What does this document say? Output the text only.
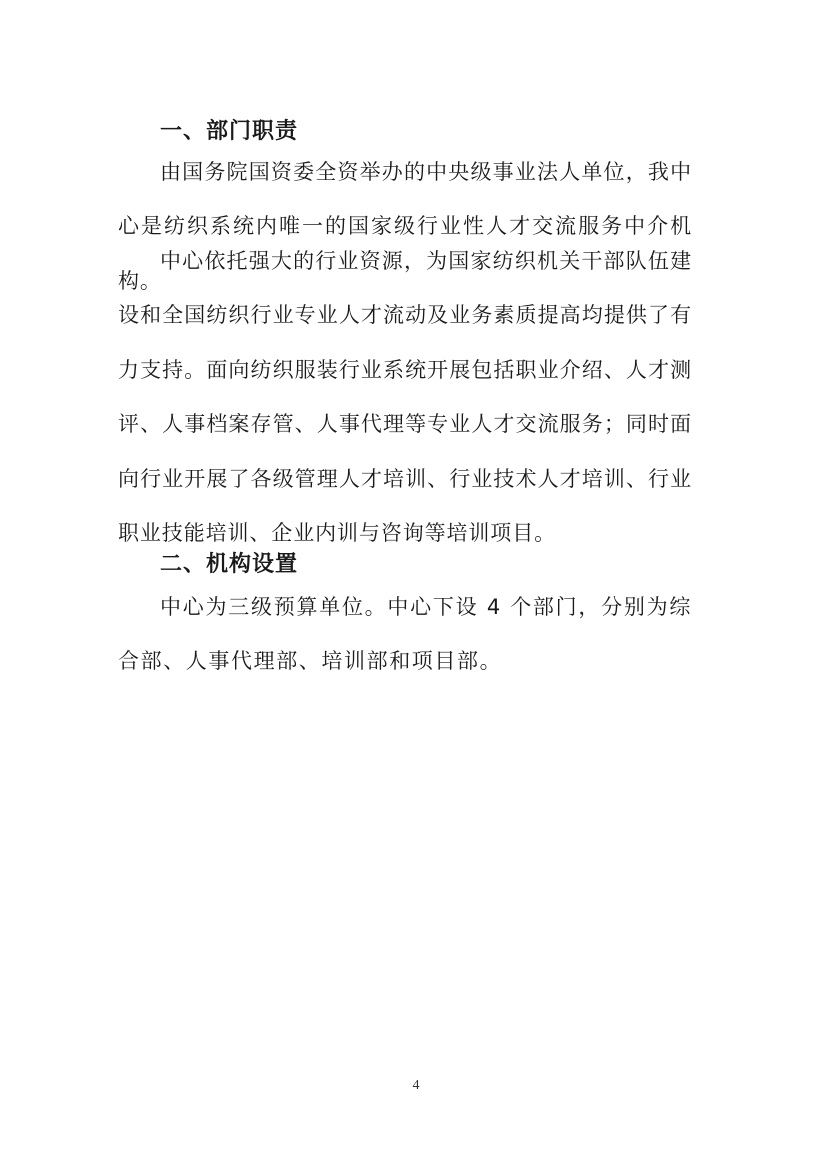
一、部门职责
由国务院国资委全资举办的中央级事业法人单位，我中心是纺织系统内唯一的国家级行业性人才交流服务中介机构。
中心依托强大的行业资源，为国家纺织机关干部队伍建设和全国纺织行业专业人才流动及业务素质提高均提供了有力支持。面向纺织服装行业系统开展包括职业介绍、人才测评、人事档案存管、人事代理等专业人才交流服务；同时面向行业开展了各级管理人才培训、行业技术人才培训、行业职业技能培训、企业内训与咨询等培训项目。
二、机构设置
中心为三级预算单位。中心下设 4 个部门，分别为综合部、人事代理部、培训部和项目部。
4
